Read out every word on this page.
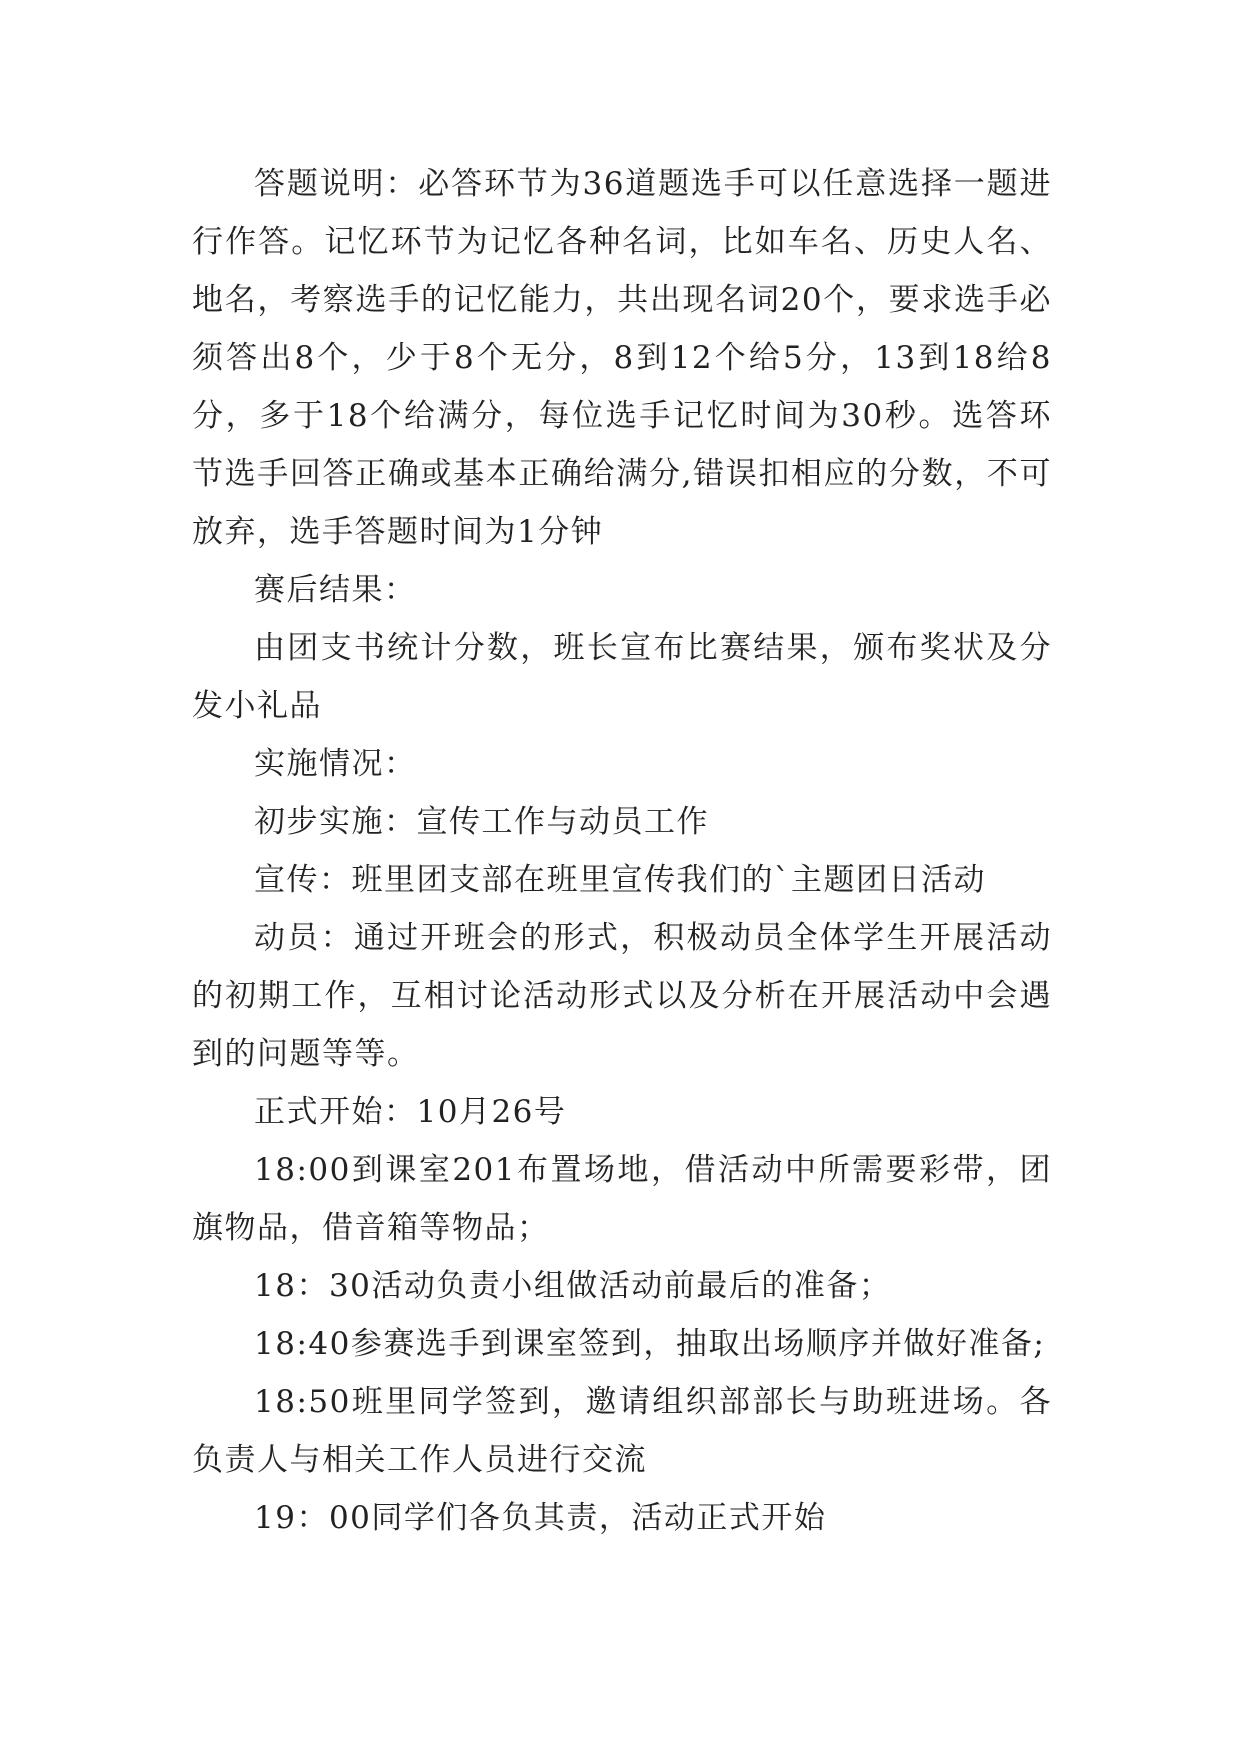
答题说明：必答环节为36道题选手可以任意选择一题进行作答。记忆环节为记忆各种名词，比如车名、历史人名、地名，考察选手的记忆能力，共出现名词20个，要求选手必须答出8个，少于8个无分，8到12个给5分，13到18给8分，多于18个给满分，每位选手记忆时间为30秒。选答环节选手回答正确或基本正确给满分,错误扣相应的分数，不可放弃，选手答题时间为1分钟

赛后结果：

由团支书统计分数，班长宣布比赛结果，颁布奖状及分发小礼品

实施情况：

初步实施：宣传工作与动员工作

宣传：班里团支部在班里宣传我们的`主题团日活动

动员：通过开班会的形式，积极动员全体学生开展活动的初期工作，互相讨论活动形式以及分析在开展活动中会遇到的问题等等。

正式开始：10月26号

18:00到课室201布置场地，借活动中所需要彩带，团旗物品，借音箱等物品；

18：30活动负责小组做活动前最后的准备；

18:40参赛选手到课室签到，抽取出场顺序并做好准备;

18:50班里同学签到，邀请组织部部长与助班进场。各负责人与相关工作人员进行交流

19：00同学们各负其责，活动正式开始
